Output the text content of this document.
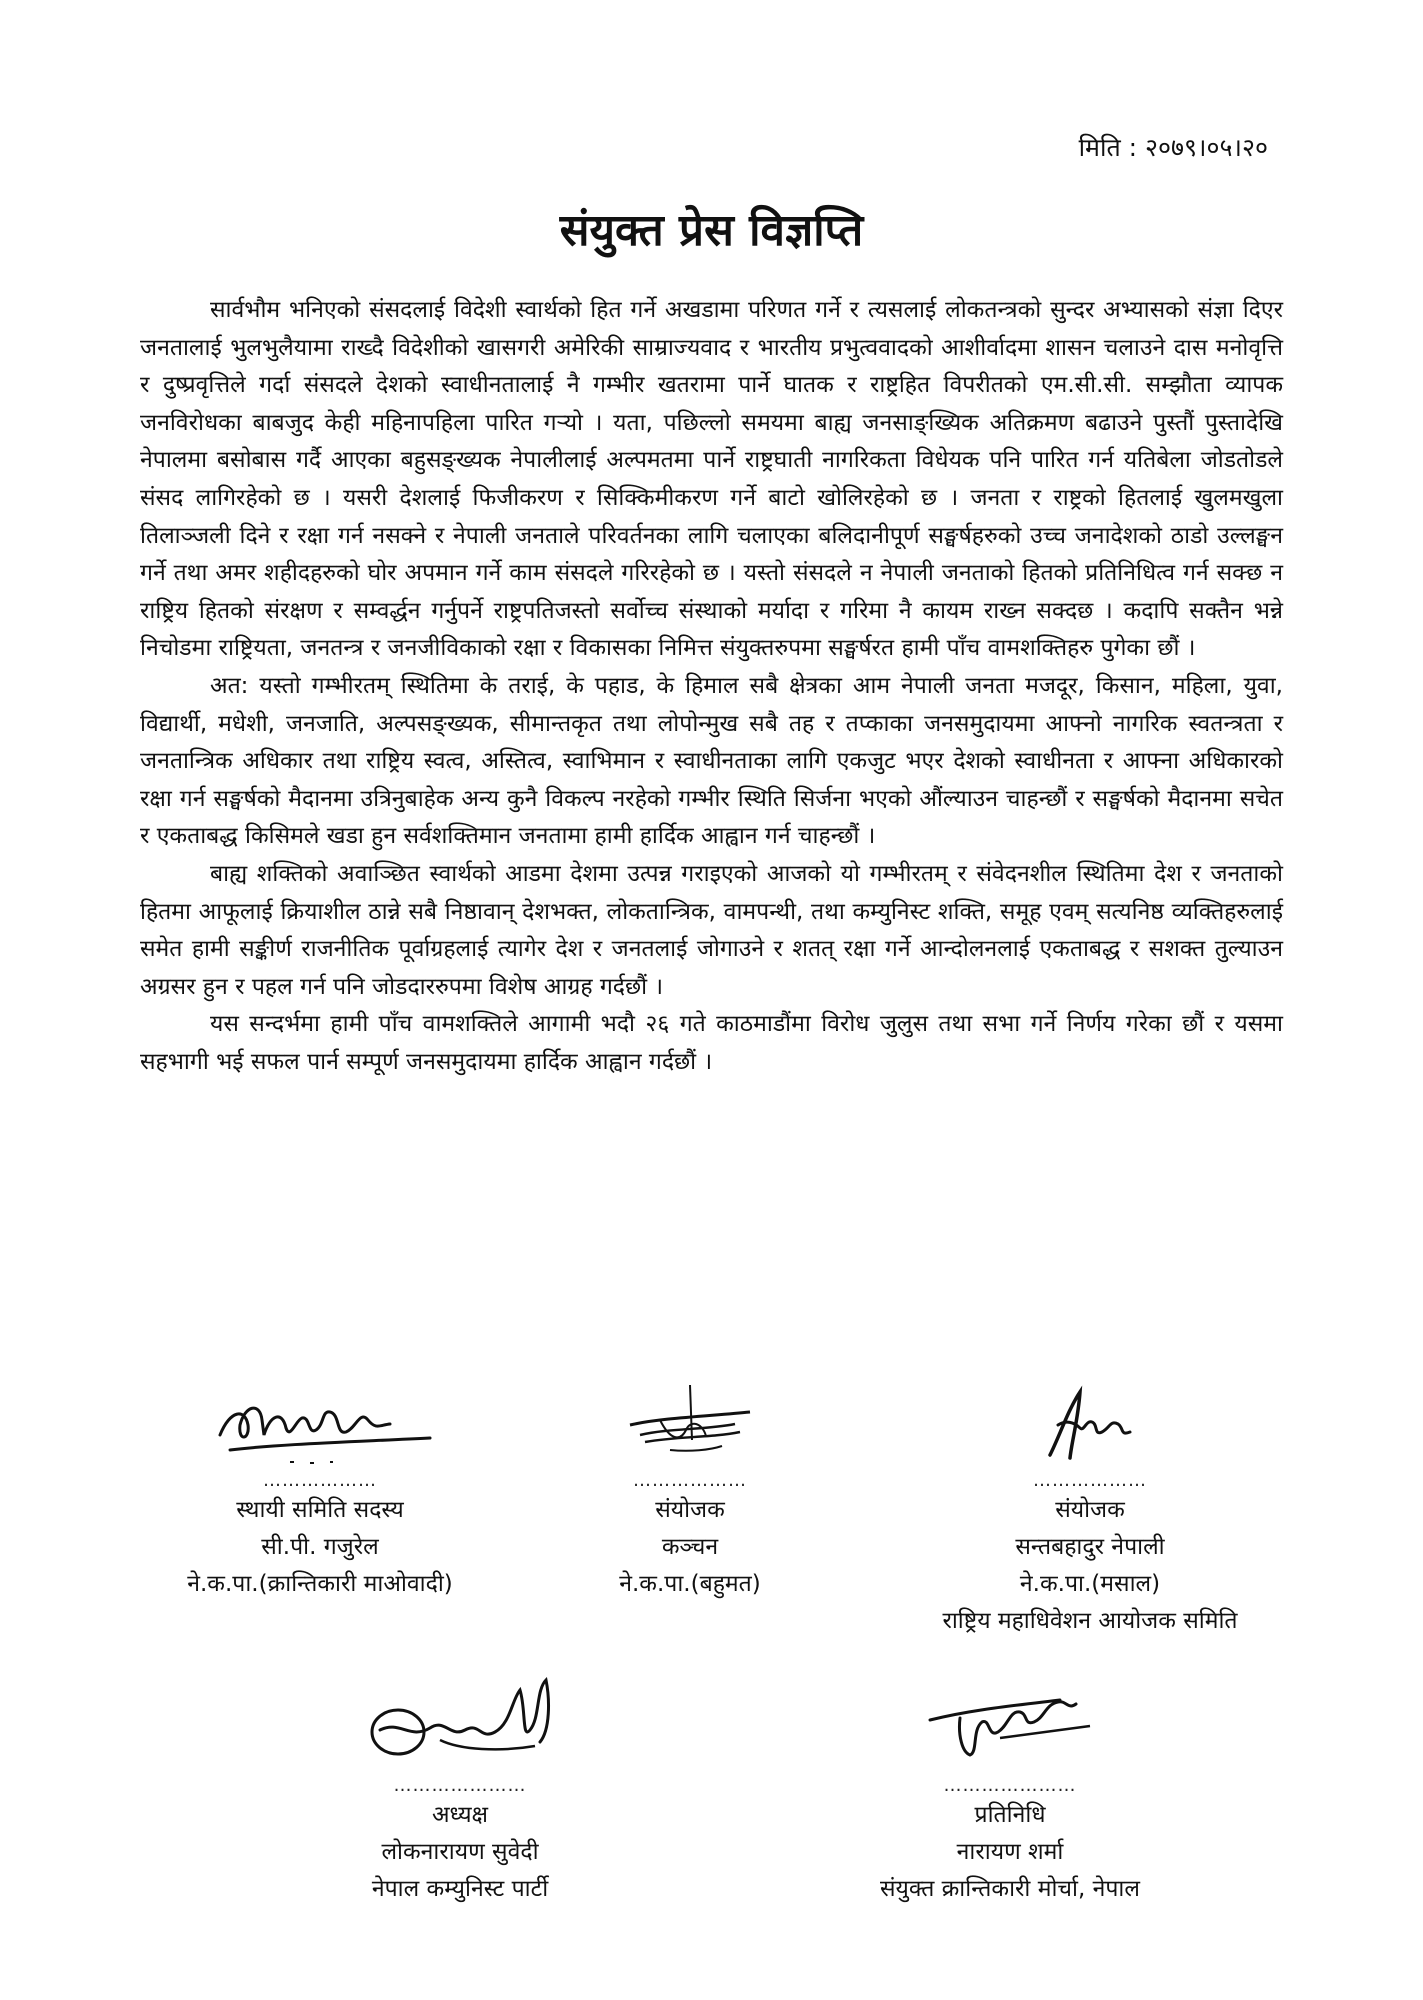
मिति : २०७९।०५।२०
संयुक्त प्रेस विज्ञप्ति

सार्वभौम भनिएको संसदलाई विदेशी स्वार्थको हित गर्ने अखडामा परिणत गर्ने र त्यसलाई लोकतन्त्रको सुन्दर अभ्यासको संज्ञा दिएर जनतालाई भुलभुलैयामा राख्दै विदेशीको खासगरी अमेरिकी साम्राज्यवाद र भारतीय प्रभुत्ववादको आशीर्वादमा शासन चलाउने दास मनोवृत्ति र दुष्प्रवृत्तिले गर्दा संसदले देशको स्वाधीनतालाई नै गम्भीर खतरामा पार्ने घातक र राष्ट्रहित विपरीतको एम.सी.सी. सम्झौता व्यापक जनविरोधका बाबजुद केही महिनापहिला पारित गऱ्यो । यता, पछिल्लो समयमा बाह्य जनसाङ्ख्यिक अतिक्रमण बढाउने पुस्तौं पुस्तादेखि नेपालमा बसोबास गर्दै आएका बहुसङ्ख्यक नेपालीलाई अल्पमतमा पार्ने राष्ट्रघाती नागरिकता विधेयक पनि पारित गर्न यतिबेला जोडतोडले संसद लागिरहेको छ । यसरी देशलाई फिजीकरण र सिक्किमीकरण गर्ने बाटो खोलिरहेको छ । जनता र राष्ट्रको हितलाई खुलमखुला तिलाञ्जली दिने र रक्षा गर्न नसक्ने र नेपाली जनताले परिवर्तनका लागि चलाएका बलिदानीपूर्ण सङ्घर्षहरुको उच्च जनादेशको ठाडो उल्लङ्घन गर्ने तथा अमर शहीदहरुको घोर अपमान गर्ने काम संसदले गरिरहेको छ । यस्तो संसदले न नेपाली जनताको हितको प्रतिनिधित्व गर्न सक्छ न राष्ट्रिय हितको संरक्षण र सम्वर्द्धन गर्नुपर्ने राष्ट्रपतिजस्तो सर्वोच्च संस्थाको मर्यादा र गरिमा नै कायम राख्न सक्दछ । कदापि सक्तैन भन्ने निचोडमा राष्ट्रियता, जनतन्त्र र जनजीविकाको रक्षा र विकासका निमित्त संयुक्तरुपमा सङ्घर्षरत हामी पाँच वामशक्तिहरु पुगेका छौं ।

अत: यस्तो गम्भीरतम् स्थितिमा के तराई, के पहाड, के हिमाल सबै क्षेत्रका आम नेपाली जनता मजदूर, किसान, महिला, युवा, विद्यार्थी, मधेशी, जनजाति, अल्पसङ्ख्यक, सीमान्तकृत तथा लोपोन्मुख सबै तह र तप्काका जनसमुदायमा आफ्नो नागरिक स्वतन्त्रता र जनतान्त्रिक अधिकार तथा राष्ट्रिय स्वत्व, अस्तित्व, स्वाभिमान र स्वाधीनताका लागि एकजुट भएर देशको स्वाधीनता र आफ्ना अधिकारको रक्षा गर्न सङ्घर्षको मैदानमा उत्रिनुबाहेक अन्य कुनै विकल्प नरहेको गम्भीर स्थिति सिर्जना भएको औंल्याउन चाहन्छौं र सङ्घर्षको मैदानमा सचेत र एकताबद्ध किसिमले खडा हुन सर्वशक्तिमान जनतामा हामी हार्दिक आह्वान गर्न चाहन्छौं ।

बाह्य शक्तिको अवाञ्छित स्वार्थको आडमा देशमा उत्पन्न गराइएको आजको यो गम्भीरतम् र संवेदनशील स्थितिमा देश र जनताको हितमा आफूलाई क्रियाशील ठान्ने सबै निष्ठावान् देशभक्त, लोकतान्त्रिक, वामपन्थी, तथा कम्युनिस्ट शक्ति, समूह एवम् सत्यनिष्ठ व्यक्तिहरुलाई समेत हामी सङ्कीर्ण राजनीतिक पूर्वाग्रहलाई त्यागेर देश र जनतलाई जोगाउने र शतत् रक्षा गर्ने आन्दोलनलाई एकताबद्ध र सशक्त तुल्याउन अग्रसर हुन र पहल गर्न पनि जोडदाररुपमा विशेष आग्रह गर्दछौं ।

यस सन्दर्भमा हामी पाँच वामशक्तिले आगामी भदौ २६ गते काठमाडौंमा विरोध जुलुस तथा सभा गर्ने निर्णय गरेका छौं र यसमा सहभागी भई सफल पार्न सम्पूर्ण जनसमुदायमा हार्दिक आह्वान गर्दछौं ।

………………
स्थायी समिति सदस्य
सी.पी. गजुरेल
ने.क.पा.(क्रान्तिकारी माओवादी)
………………
संयोजक
कञ्चन
ने.क.पा.(बहुमत)
………………
संयोजक
सन्तबहादुर नेपाली
ने.क.पा.(मसाल)
राष्ट्रिय महाधिवेशन आयोजक समिति
…………………
अध्यक्ष
लोकनारायण सुवेदी
नेपाल कम्युनिस्ट पार्टी
…………………
प्रतिनिधि
नारायण शर्मा
संयुक्त क्रान्तिकारी मोर्चा, नेपाल
